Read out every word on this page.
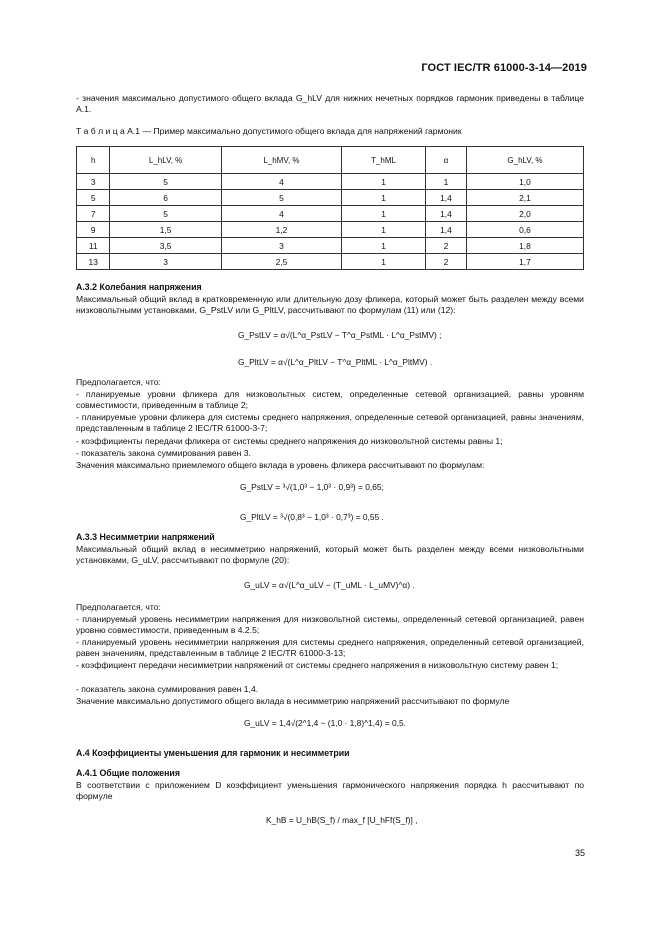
ГОСТ IEC/TR 61000-3-14—2019
- значения максимально допустимого общего вклада G_hLV для нижних нечетных порядков гармоник приведены в таблице А.1.
Т а б л и ц а А.1 — Пример максимально допустимого общего вклада для напряжений гармоник
h	L_hLV, %	L_hMV, %	T_hML	α	G_hLV, %
3	5	4	1	1	1,0
5	6	5	1	1,4	2,1
7	5	4	1	1,4	2,0
9	1,5	1,2	1	1,4	0,6
11	3,5	3	1	2	1,8
13	3	2,5	1	2	1,7
А.3.2 Колебания напряжения
Максимальный общий вклад в кратковременную или длительную дозу фликера, который может быть разделен между всеми низковольтными установками, G_PstLV или G_PltLV, рассчитывают по формулам (11) или (12):
G_PstLV = α√(L^α_PstLV − T^α_PstML · L^α_PstMV) ;
G_PltLV = α√(L^α_PltLV − T^α_PltML · L^α_PltMV) .
Предполагается, что:
- планируемые уровни фликера для низковольтных систем, определенные сетевой организацией, равны уровням совместимости, приведенным в таблице 2;
- планируемые уровни фликера для системы среднего напряжения, определенные сетевой организацией, равны значениям, представленным в таблице 2 IEC/TR 61000-3-7;
- коэффициенты передачи фликера от системы среднего напряжения до низковольтной системы равны 1;
- показатель закона суммирования равен 3.
Значения максимально приемлемого общего вклада в уровень фликера рассчитывают по формулам:
G_PstLV = ³√(1,0³ − 1,0³ · 0,9³) = 0,65;
G_PltLV = ³√(0,8³ − 1,0³ · 0,7³) = 0,55 .
А.3.3 Несимметрии напряжений
Максимальный общий вклад в несимметрию напряжений, который может быть разделен между всеми низковольтными установками, G_uLV, рассчитывают по формуле (20):
G_uLV = α√(L^α_uLV − (T_uML · L_uMV)^α) .
Предполагается, что:
- планируемый уровень несимметрии напряжения для низковольтной системы, определенный сетевой организацией, равен уровню совместимости, приведенным в 4.2.5;
- планируемый уровень несимметрии напряжения для системы среднего напряжения, определенный сетевой организацией, равен значениям, представленным в таблице 2 IEC/TR 61000-3-13;
- коэффициент передачи несимметрии напряжений от системы среднего напряжения в низковольтную систему равен 1;
- показатель закона суммирования равен 1,4.
Значение максимально допустимого общего вклада в несимметрию напряжений рассчитывают по формуле
G_uLV = 1,4√(2^1,4 − (1,0 · 1,8)^1,4) = 0,5.
А.4 Коэффициенты уменьшения для гармоник и несимметрии
А.4.1 Общие положения
В соответствии с приложением D коэффициент уменьшения гармонического напряжения порядка h рассчитывают по формуле
K_hB = U_hB(S_f) / max_f [U_hFf(S_f)] ,
35
